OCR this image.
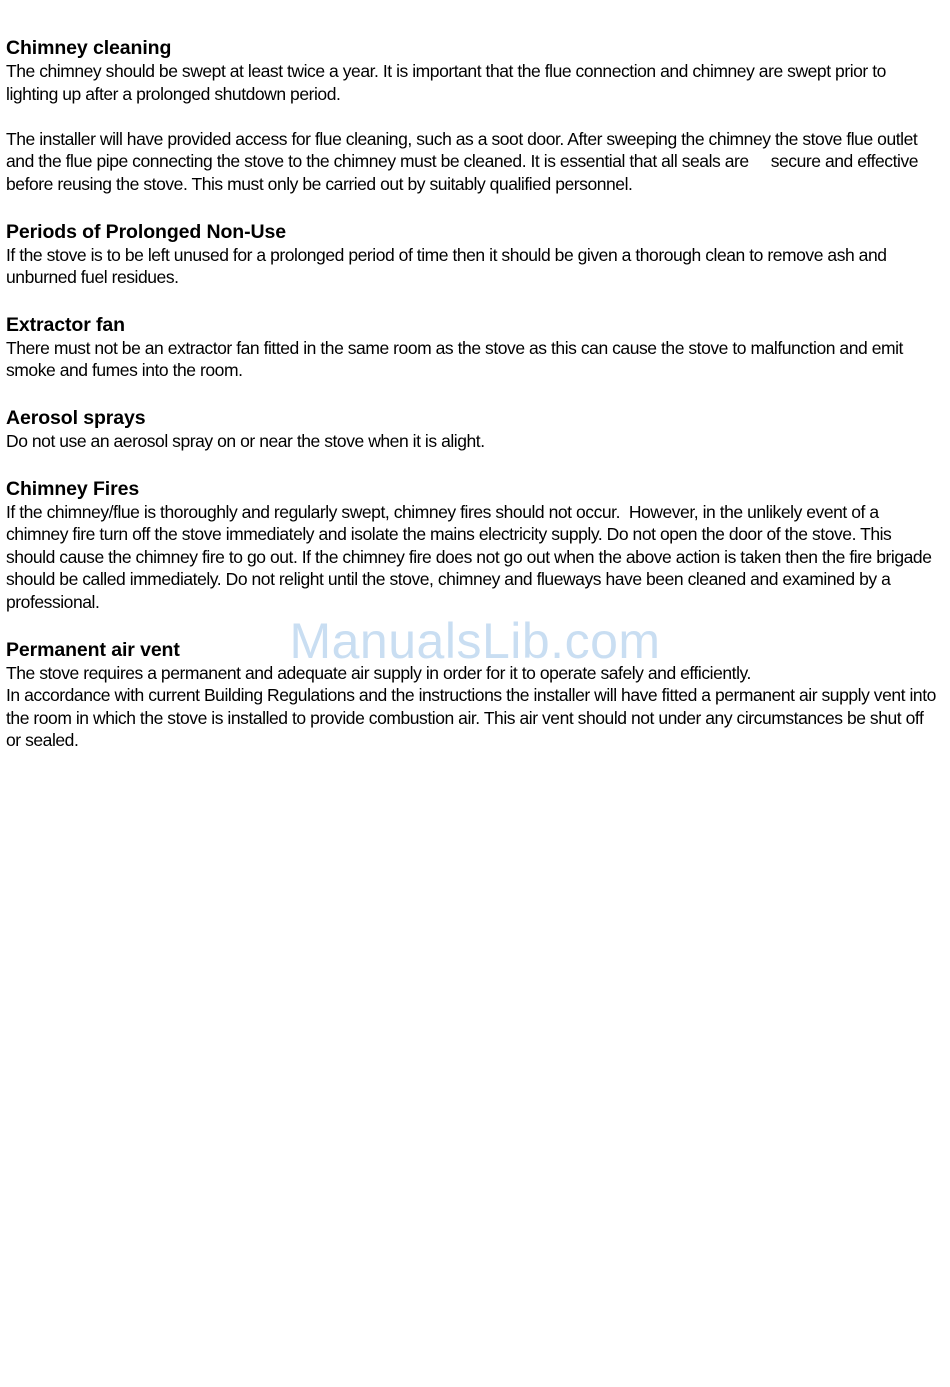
Chimney cleaning

The chimney should be swept at least twice a year. It is important that the flue connection and chimney are swept prior to lighting up after a prolonged shutdown period.

The installer will have provided access for flue cleaning, such as a soot door. After sweeping the chimney the stove flue outlet and the flue pipe connecting the stove to the chimney must be cleaned. It is essential that all seals are     secure and effective before reusing the stove. This must only be carried out by suitably qualified personnel.

Periods of Prolonged Non-Use

If the stove is to be left unused for a prolonged period of time then it should be given a thorough clean to remove ash and unburned fuel residues.

Extractor fan

There must not be an extractor fan fitted in the same room as the stove as this can cause the stove to malfunction and emit smoke and fumes into the room.

Aerosol sprays

Do not use an aerosol spray on or near the stove when it is alight.

Chimney Fires

If the chimney/flue is thoroughly and regularly swept, chimney fires should not occur.  However, in the unlikely event of a chimney fire turn off the stove immediately and isolate the mains electricity supply. Do not open the door of the stove. This should cause the chimney fire to go out. If the chimney fire does not go out when the above action is taken then the fire brigade should be called immediately. Do not relight until the stove, chimney and flueways have been cleaned and examined by a professional.

Permanent air vent

The stove requires a permanent and adequate air supply in order for it to operate safely and efficiently.

In accordance with current Building Regulations and the instructions the installer will have fitted a permanent air supply vent into the room in which the stove is installed to provide combustion air. This air vent should not under any circumstances be shut off or sealed.

ManualsLib.com
